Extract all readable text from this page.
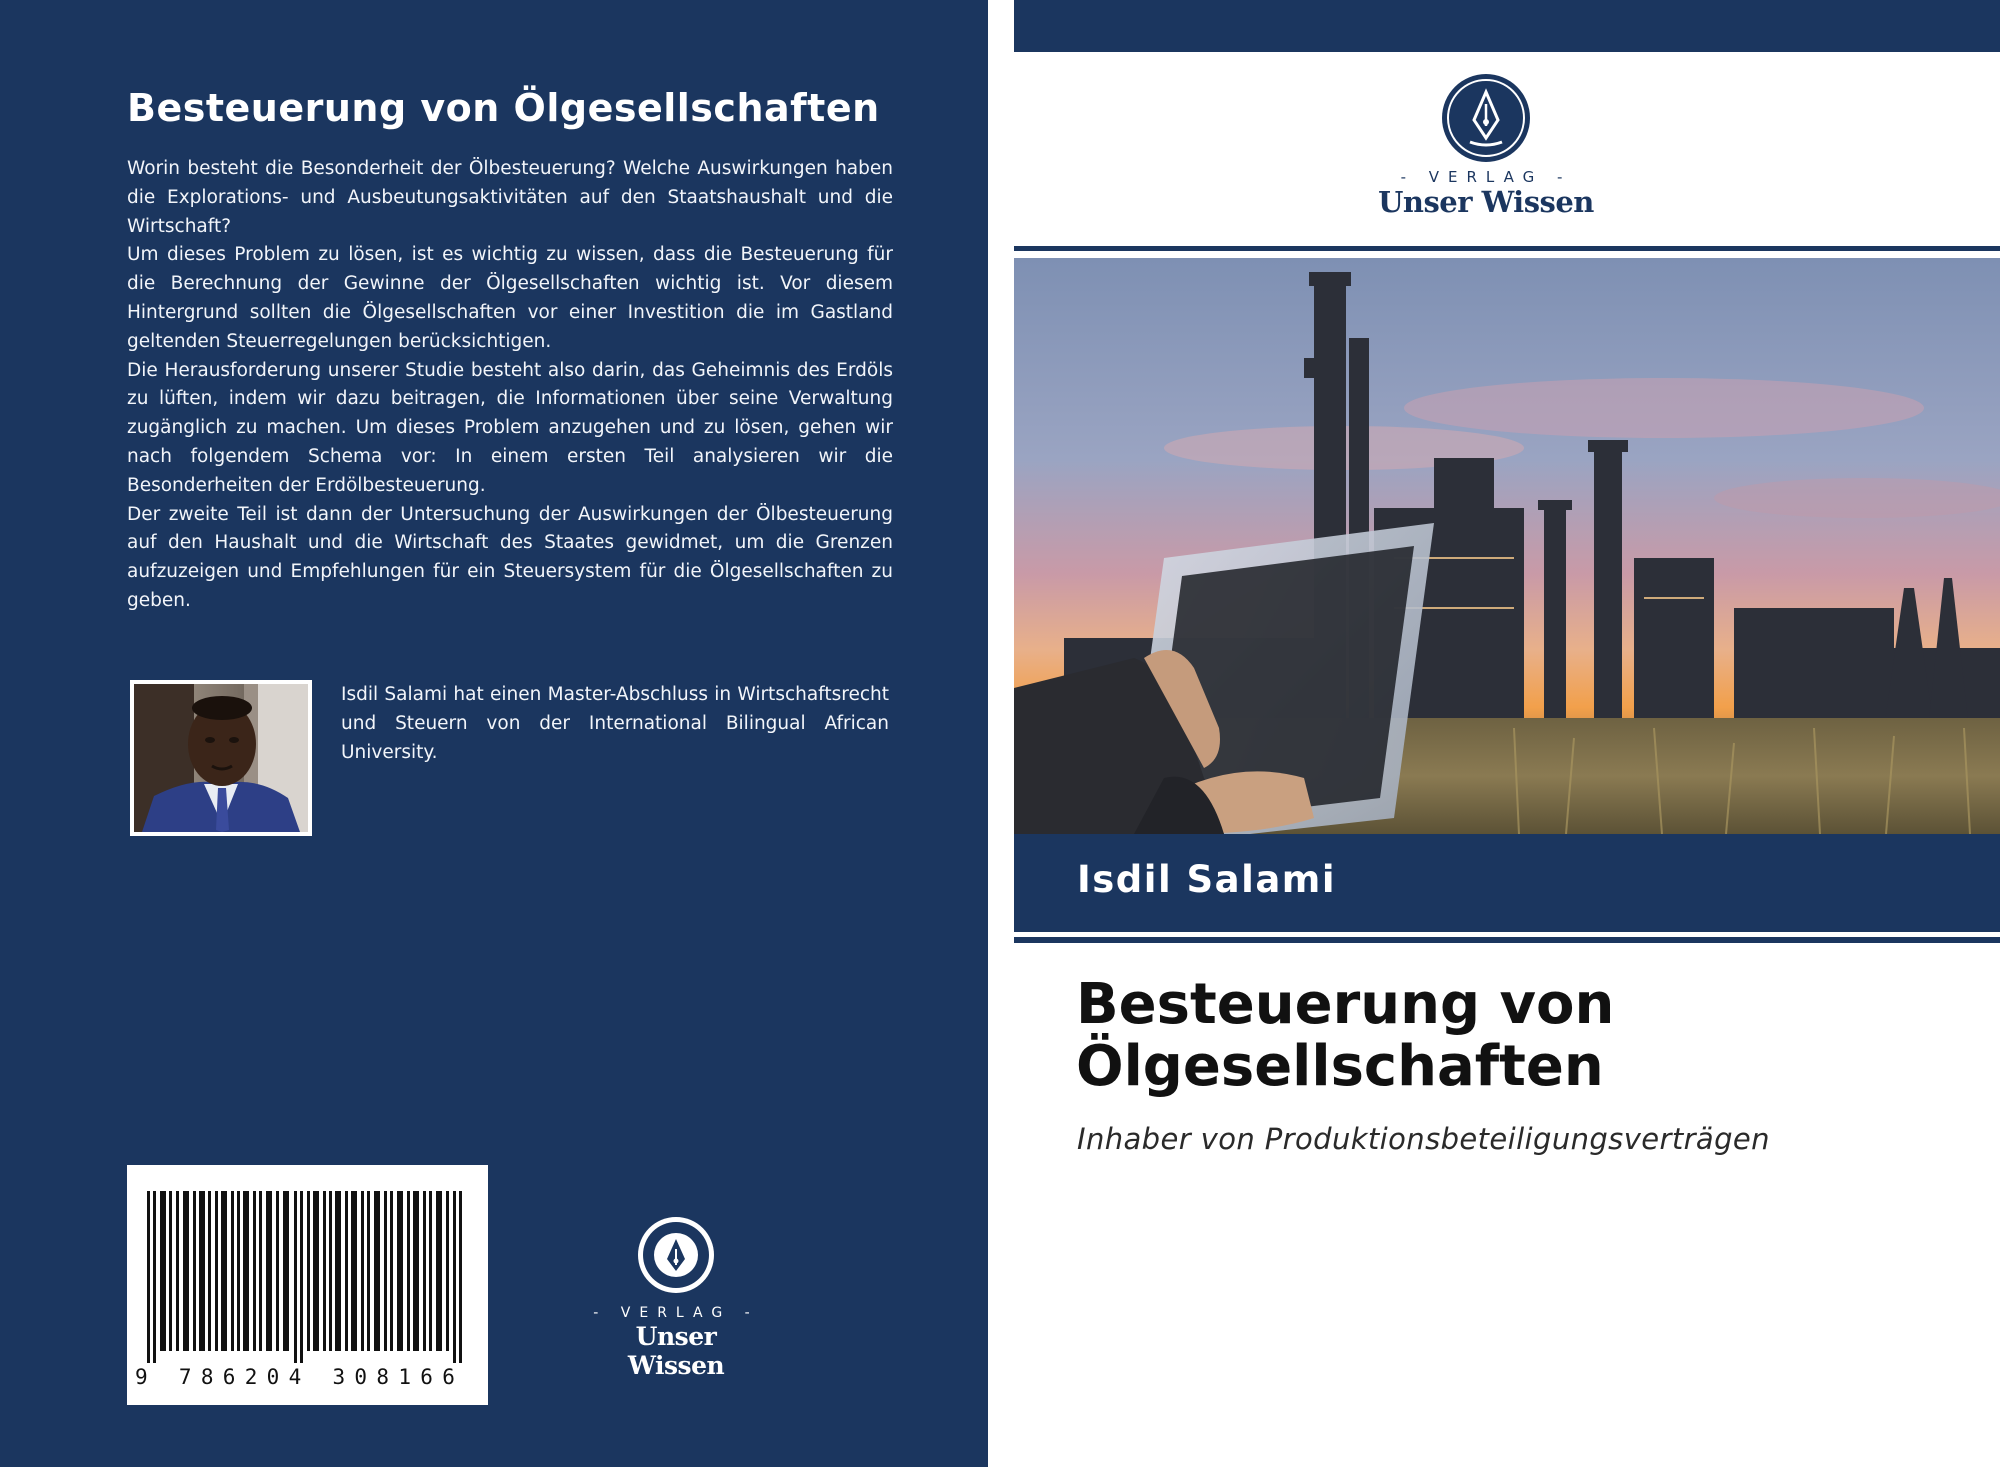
Besteuerung von Ölgesellschaften

Worin besteht die Besonderheit der Ölbesteuerung? Welche Auswirkungen haben die Explorations- und Ausbeutungsaktivitäten auf den Staatshaushalt und die Wirtschaft?

Um dieses Problem zu lösen, ist es wichtig zu wissen, dass die Besteuerung für die Berechnung der Gewinne der Ölgesellschaften wichtig ist. Vor diesem Hintergrund sollten die Ölgesellschaften vor einer Investition die im Gastland geltenden Steuerregelungen berücksichtigen.

Die Herausforderung unserer Studie besteht also darin, das Geheimnis des Erdöls zu lüften, indem wir dazu beitragen, die Informationen über seine Verwaltung zugänglich zu machen. Um dieses Problem anzugehen und zu lösen, gehen wir nach folgendem Schema vor: In einem ersten Teil analysieren wir die Besonderheiten der Erdölbesteuerung.

Der zweite Teil ist dann der Untersuchung der Auswirkungen der Ölbesteuerung auf den Haushalt und die Wirtschaft des Staates gewidmet, um die Grenzen aufzuzeigen und Empfehlungen für ein Steuersystem für die Ölgesellschaften zu geben.

Isdil Salami hat einen Master-Abschluss in Wirtschaftsrecht und Steuern von der International Bilingual African University.
9 786204 308166
- VERLAG -
Unser Wissen
- VERLAG -
Unser Wissen
Isdil Salami
Besteuerung von
Ölgesellschaften
Inhaber von Produktionsbeteiligungsverträgen
